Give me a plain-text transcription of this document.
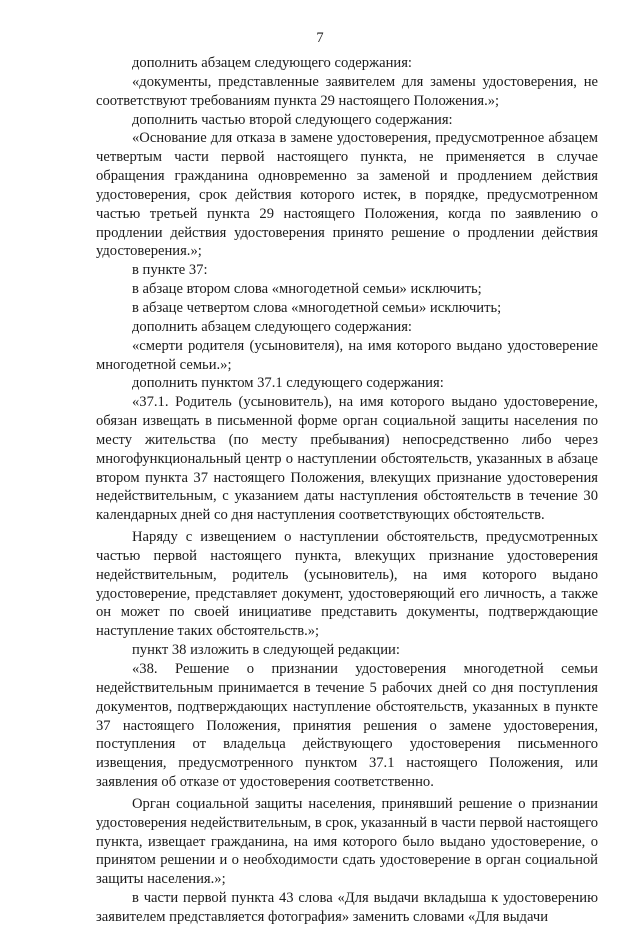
7

дополнить абзацем следующего содержания:

«документы, представленные заявителем для замены удостоверения, не соответствуют требованиям пункта 29 настоящего Положения.»;

дополнить частью второй следующего содержания:

«Основание для отказа в замене удостоверения, предусмотренное абзацем четвертым части первой настоящего пункта, не применяется в случае обращения гражданина одновременно за заменой и продлением действия удостоверения, срок действия которого истек, в порядке, предусмотренном частью третьей пункта 29 настоящего Положения, когда по заявлению о продлении действия удостоверения принято решение о продлении действия удостоверения.»;

в пункте 37:

в абзаце втором слова «многодетной семьи» исключить;

в абзаце четвертом слова «многодетной семьи» исключить;

дополнить абзацем следующего содержания:

«смерти родителя (усыновителя), на имя которого выдано удостоверение многодетной семьи.»;

дополнить пунктом 37.1 следующего содержания:

«37.1. Родитель (усыновитель), на имя которого выдано удостоверение, обязан извещать в письменной форме орган социальной защиты населения по месту жительства (по месту пребывания) непосредственно либо через многофункциональный центр о наступлении обстоятельств, указанных в абзаце втором пункта 37 настоящего Положения, влекущих признание удостоверения недействительным, с указанием даты наступления обстоятельств в течение 30 календарных дней со дня наступления соответствующих обстоятельств.

Наряду с извещением о наступлении обстоятельств, предусмотренных частью первой настоящего пункта, влекущих признание удостоверения недействительным, родитель (усыновитель), на имя которого выдано удостоверение, представляет документ, удостоверяющий его личность, а также он может по своей инициативе представить документы, подтверждающие наступление таких обстоятельств.»;

пункт 38 изложить в следующей редакции:

«38. Решение о признании удостоверения многодетной семьи недействительным принимается в течение 5 рабочих дней со дня поступления документов, подтверждающих наступление обстоятельств, указанных в пункте 37 настоящего Положения, принятия решения о замене удостоверения, поступления от владельца действующего удостоверения письменного извещения, предусмотренного пунктом 37.1 настоящего Положения, или заявления об отказе от удостоверения соответственно.

Орган социальной защиты населения, принявший решение о признании удостоверения недействительным, в срок, указанный в части первой настоящего пункта, извещает гражданина, на имя которого было выдано удостоверение, о принятом решении и о необходимости сдать удостоверение в орган социальной защиты населения.»;

в части первой пункта 43 слова «Для выдачи вкладыша к удостоверению заявителем представляется фотография» заменить словами «Для выдачи
